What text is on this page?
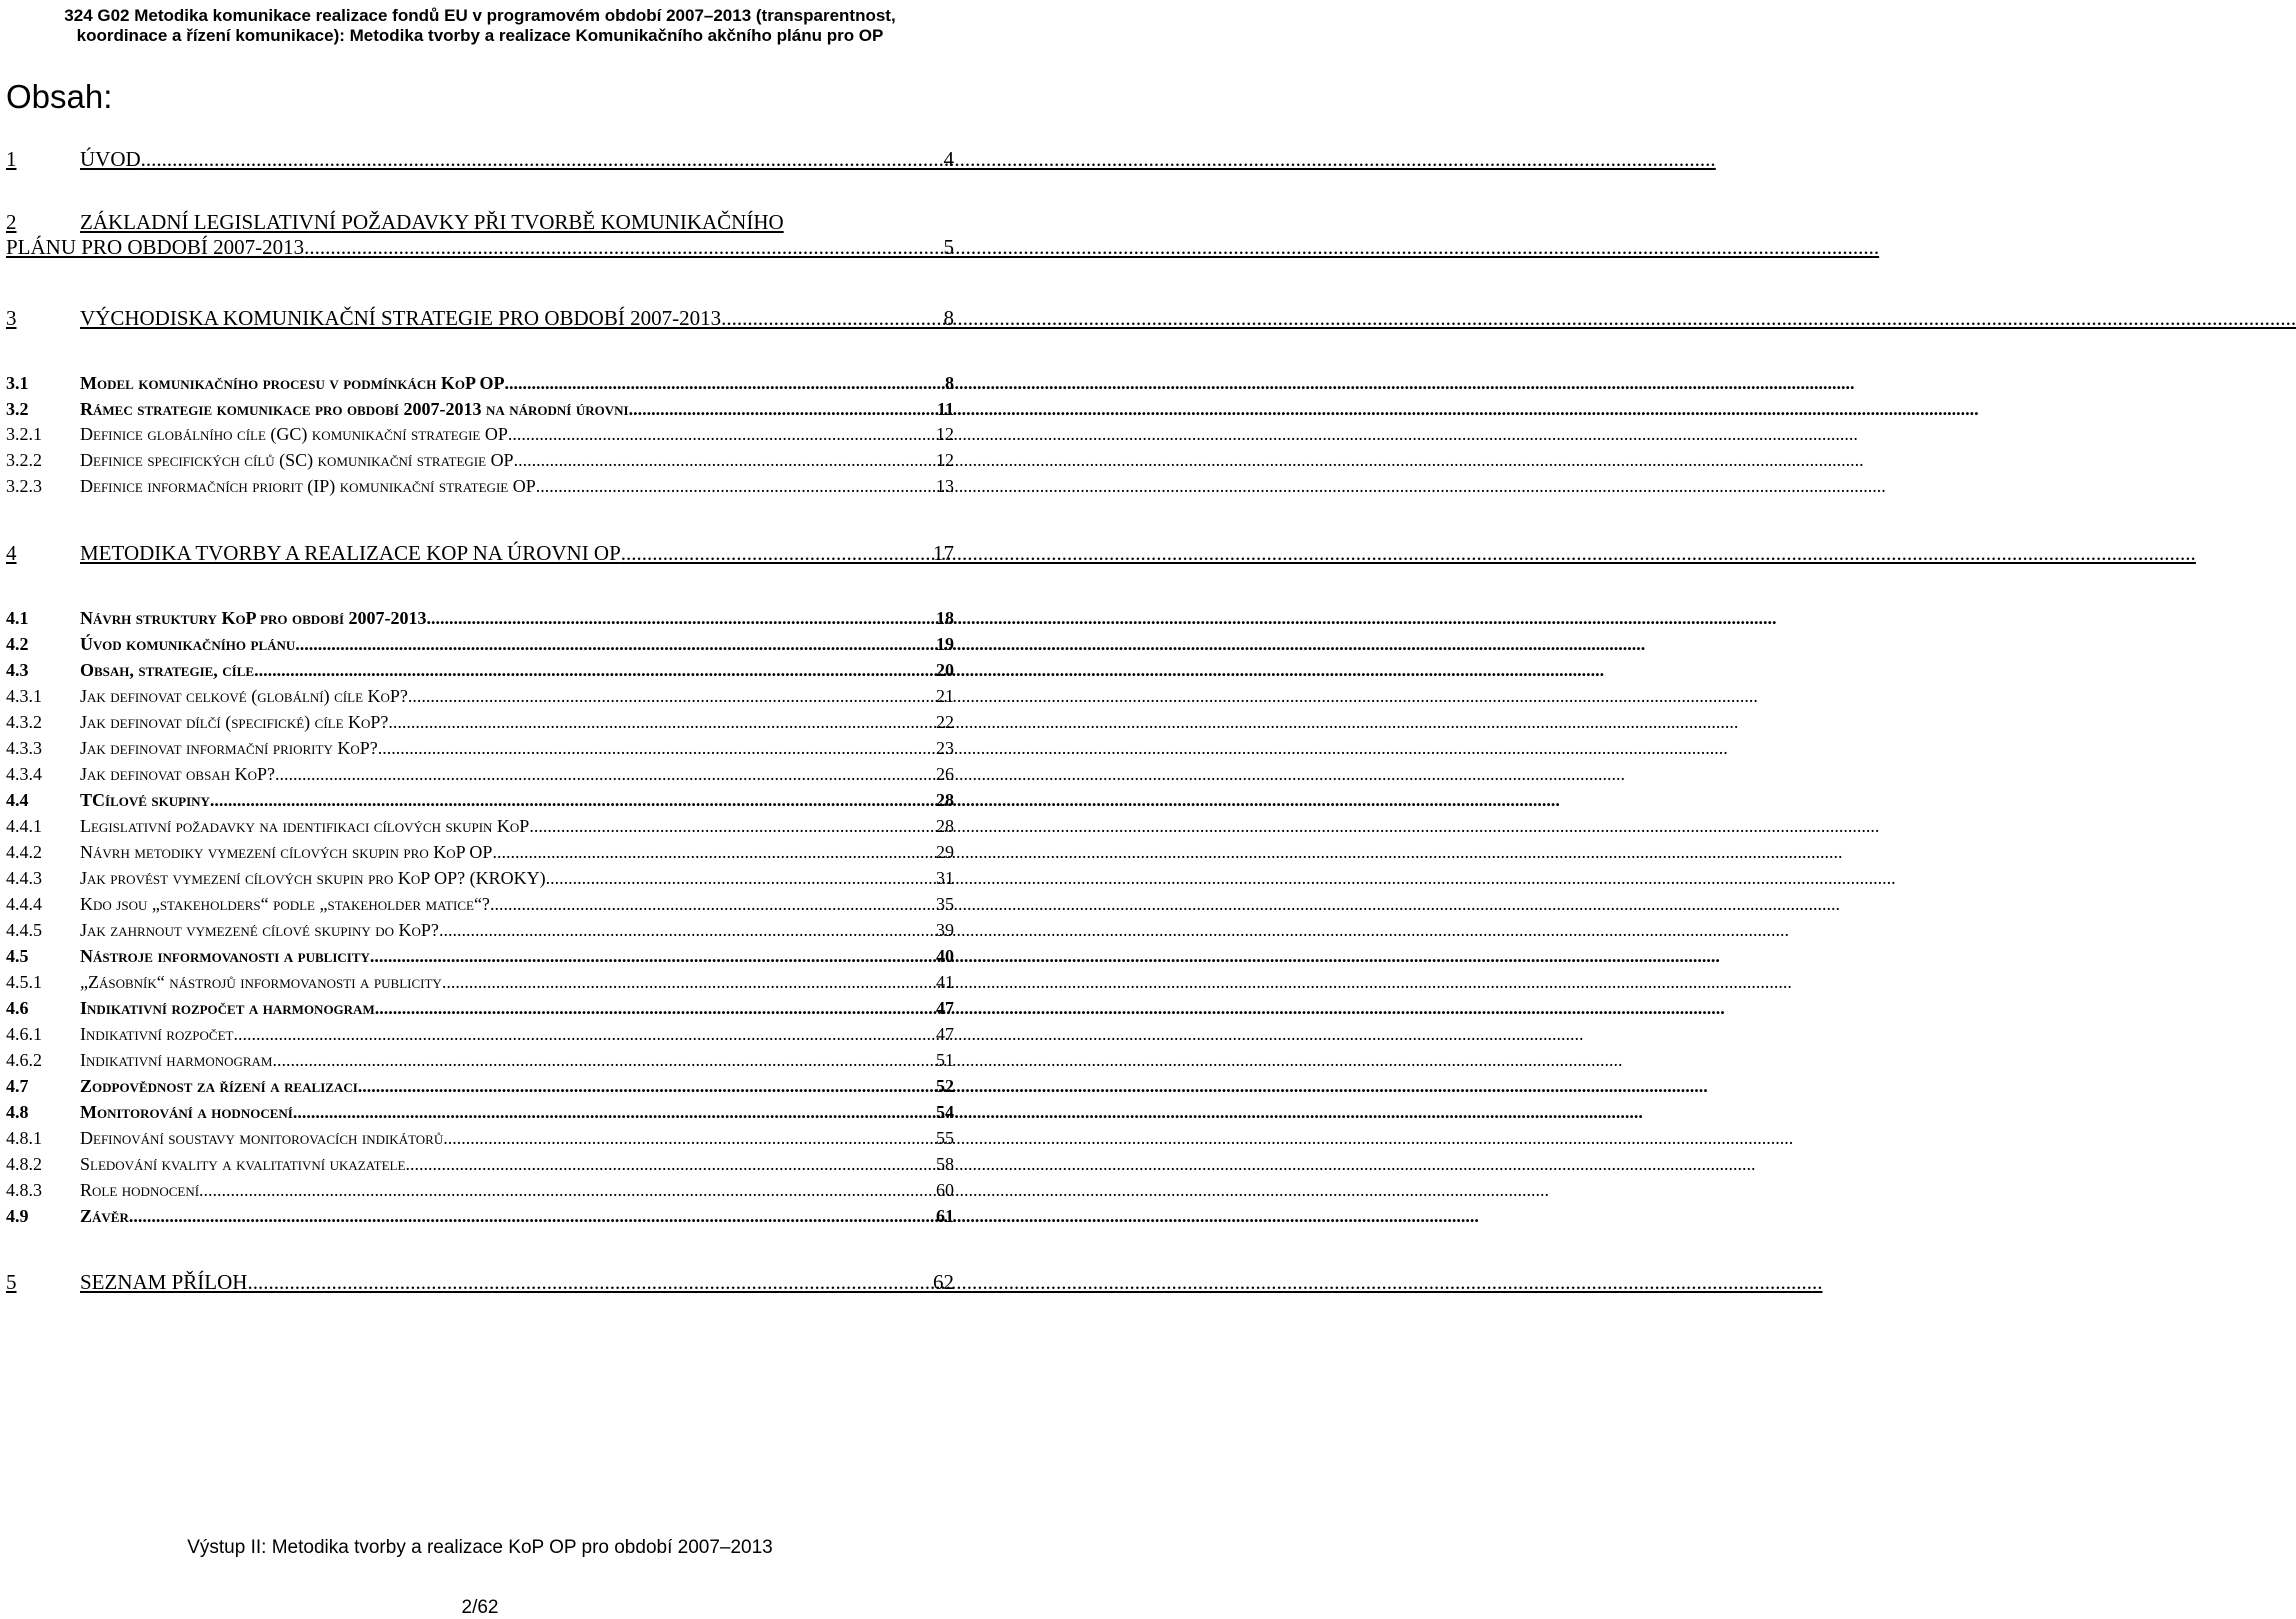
324 G02 Metodika komunikace realizace fondů EU v programovém období 2007–2013 (transparentnost,
koordinace a řízení komunikace): Metodika tvorby a realizace Komunikačního akčního plánu pro OP
Obsah:
1	ÚVOD .....	4
2	ZÁKLADNÍ LEGISLATIVNÍ POŽADAVKY PŘI TVORBĚ KOMUNIKAČNÍHO
PLÁNU PRO OBDOBÍ 2007-2013 .....	5
3	VÝCHODISKA KOMUNIKAČNÍ STRATEGIE PRO OBDOBÍ 2007-2013 .....	8
3.1	Model komunikačního procesu v podmínkách KoP OP .....	8
3.2	Rámec strategie komunikace pro období 2007-2013 na národní úrovni .....	11
3.2.1	Definice globálního cíle (GC) komunikační strategie OP .....	12
3.2.2	Definice specifických cílů (SC) komunikační strategie OP .....	12
3.2.3	Definice informačních priorit (IP) komunikační strategie OP .....	13
4	METODIKA TVORBY A REALIZACE KOP NA ÚROVNI OP .....	17
4.1	Návrh struktury KoP pro období 2007-2013 .....	18
4.2	Úvod komunikačního plánu .....	19
4.3	Obsah, strategie, cíle .....	20
4.3.1	Jak definovat celkové (globální) cíle KoP? .....	21
4.3.2	Jak definovat dílčí (specifické) cíle KoP? .....	22
4.3.3	Jak definovat informační priority KoP? .....	23
4.3.4	Jak definovat obsah KoP? .....	26
4.4	TCílové skupiny .....	28
4.4.1	Legislativní požadavky na identifikaci cílových skupin KoP .....	28
4.4.2	Návrh metodiky vymezení cílových skupin pro KoP OP .....	29
4.4.3	Jak provést vymezení cílových skupin pro KoP OP? (KROKY) .....	31
4.4.4	Kdo jsou „stakeholders“ podle „stakeholder matice“? .....	35
4.4.5	Jak zahrnout vymezené cílové skupiny do KoP? .....	39
4.5	Nástroje informovanosti a publicity .....	40
4.5.1	„Zásobník“ nástrojů informovanosti a publicity .....	41
4.6	Indikativní rozpočet a harmonogram .....	47
4.6.1	Indikativní rozpočet .....	47
4.6.2	Indikativní harmonogram .....	51
4.7	Zodpovědnost za řízení a realizaci .....	52
4.8	Monitorování a hodnocení .....	54
4.8.1	Definování soustavy monitorovacích indikátorů .....	55
4.8.2	Sledování kvality a kvalitativní ukazatele .....	58
4.8.3	Role hodnocení .....	60
4.9	Závěr .....	61
5	SEZNAM PŘÍLOH .....	62
Výstup II: Metodika tvorby a realizace KoP OP pro období 2007–2013
2/62
